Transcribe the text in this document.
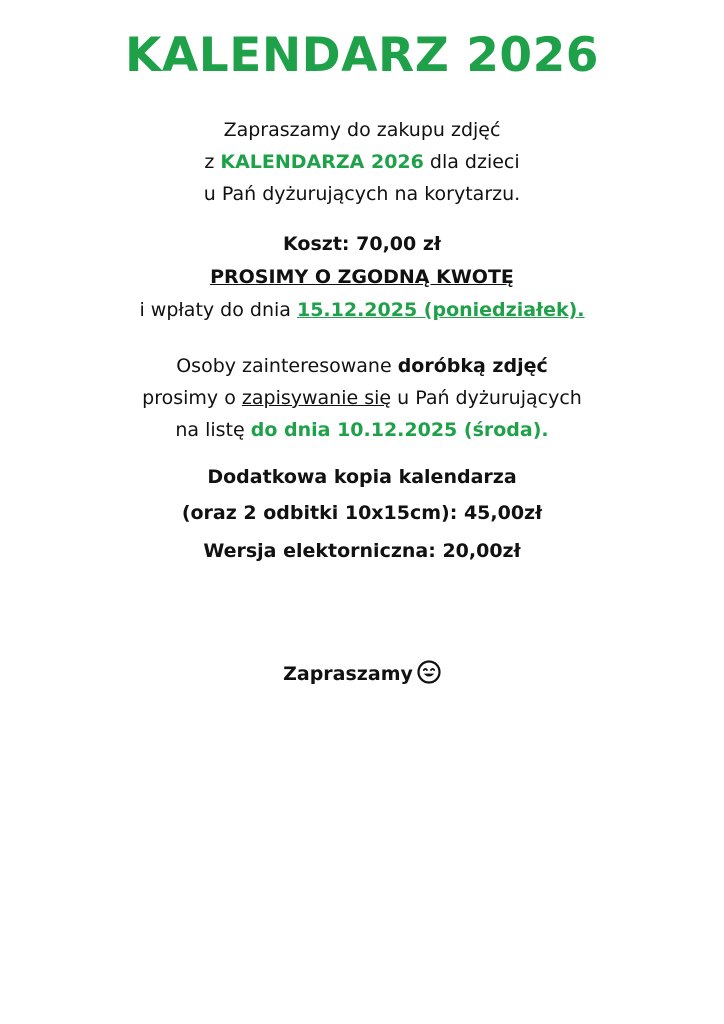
KALENDARZ 2026
Zapraszamy do zakupu zdjęć
z KALENDARZA 2026 dla dzieci
u Pań dyżurujących na korytarzu.
Koszt: 70,00 zł
PROSIMY O ZGODNĄ KWOTĘ
i wpłaty do dnia 15.12.2025 (poniedziałek).
Osoby zainteresowane doróbką zdjęć
prosimy o zapisywanie się u Pań dyżurujących
na listę do dnia 10.12.2025 (środa).
Dodatkowa kopia kalendarza
(oraz 2 odbitki 10x15cm): 45,00zł
Wersja elektorniczna: 20,00zł
Zapraszamy
